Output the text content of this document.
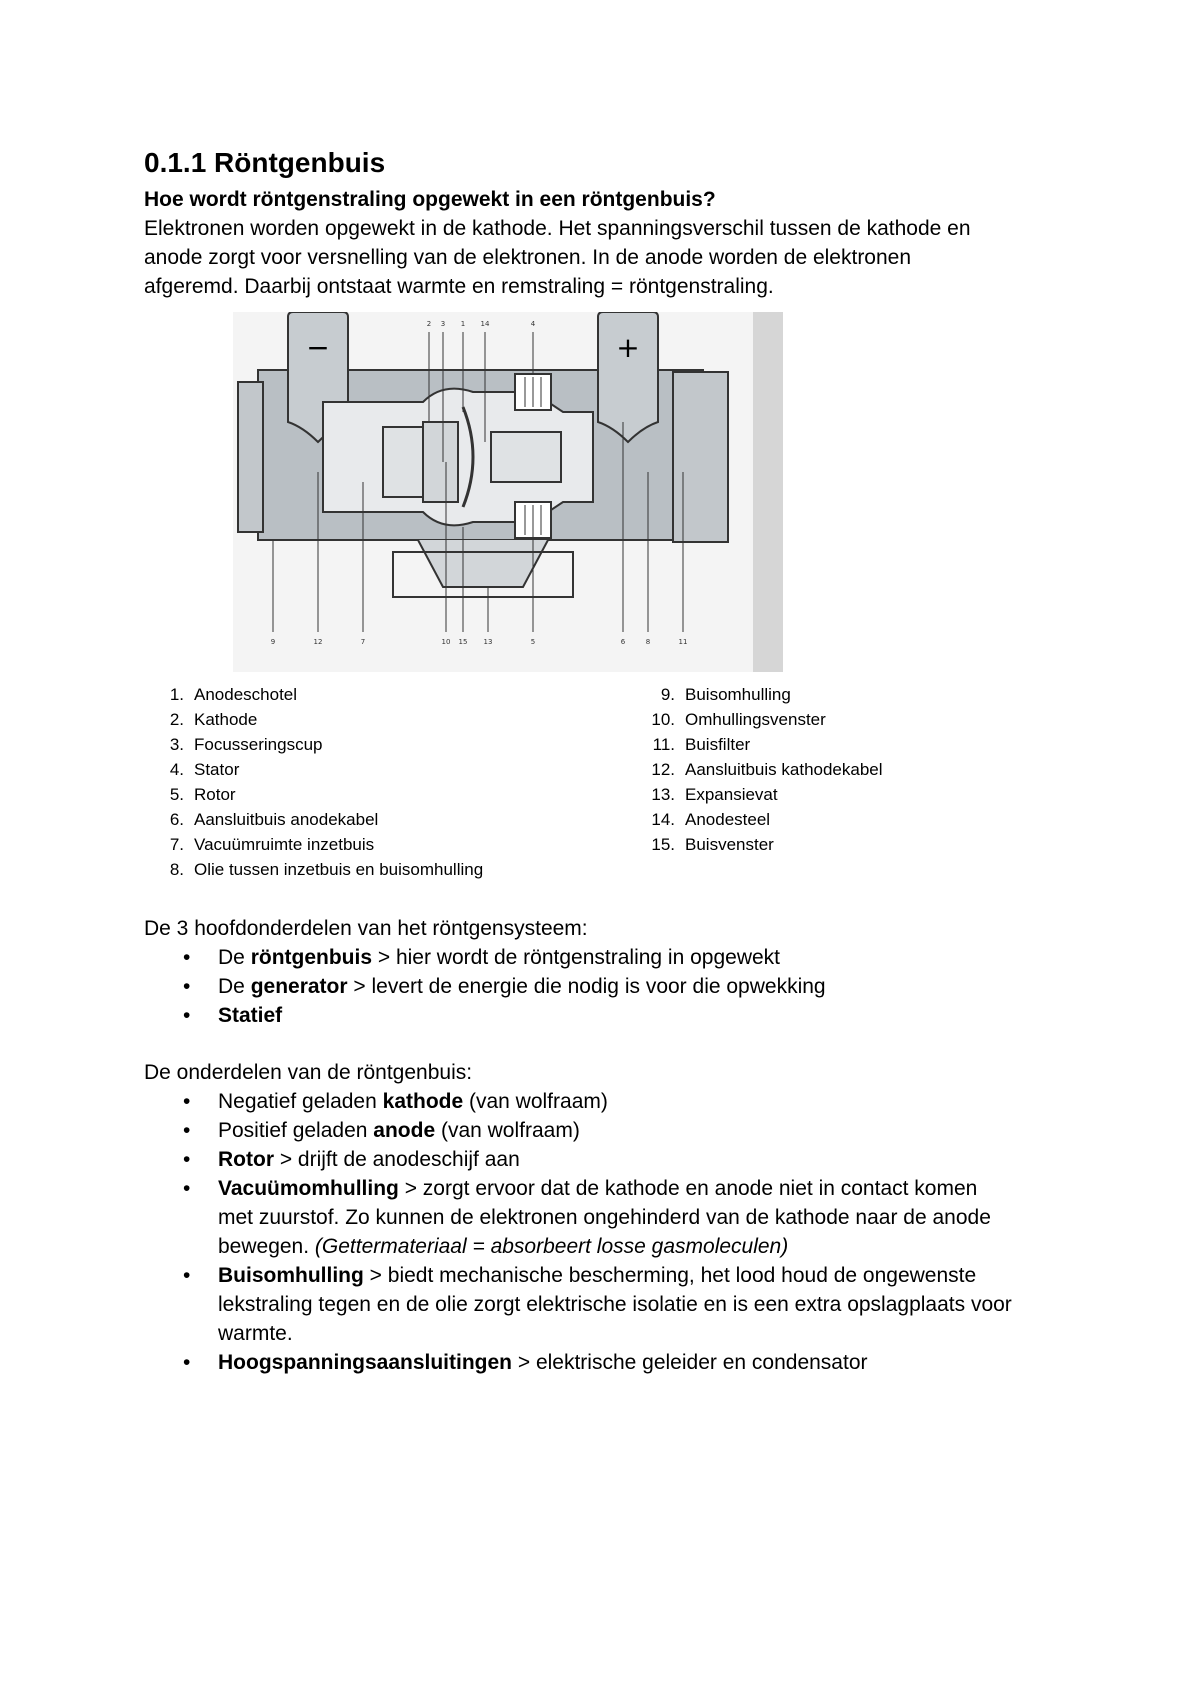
0.1.1 Röntgenbuis
Hoe wordt röntgenstraling opgewekt in een röntgenbuis?

Elektronen worden opgewekt in de kathode. Het spanningsverschil tussen de kathode en
anode zorgt voor versnelling van de elektronen. In de anode worden de elektronen
afgeremd. Daarbij ontstaat warmte en remstraling = röntgenstraling.

−	+
2 3 1 14	4
9	12	7	10 15 13	5	6	8	11
1. Anodeschotel
2. Kathode
3. Focusseringscup
4. Stator
5. Rotor
6. Aansluitbuis anodekabel
7. Vacuümruimte inzetbuis
8. Olie tussen inzetbuis en buisomhulling
9. Buisomhulling
10. Omhullingsvenster
11. Buisfilter
12. Aansluitbuis kathodekabel
13. Expansievat
14. Anodesteel
15. Buisvenster

De 3 hoofdonderdelen van het röntgensysteem:

• De röntgenbuis > hier wordt de röntgenstraling in opgewekt
• De generator > levert de energie die nodig is voor die opwekking
• Statief

De onderdelen van de röntgenbuis:

• Negatief geladen kathode (van wolfraam)
• Positief geladen anode (van wolfraam)
• Rotor > drijft de anodeschijf aan
• Vacuümomhulling > zorgt ervoor dat de kathode en anode niet in contact komen
met zuurstof. Zo kunnen de elektronen ongehinderd van de kathode naar de anode
bewegen. (Gettermateriaal = absorbeert losse gasmoleculen)
• Buisomhulling > biedt mechanische bescherming, het lood houd de ongewenste
lekstraling tegen en de olie zorgt elektrische isolatie en is een extra opslagplaats voor
warmte.
• Hoogspanningsaansluitingen > elektrische geleider en condensator
